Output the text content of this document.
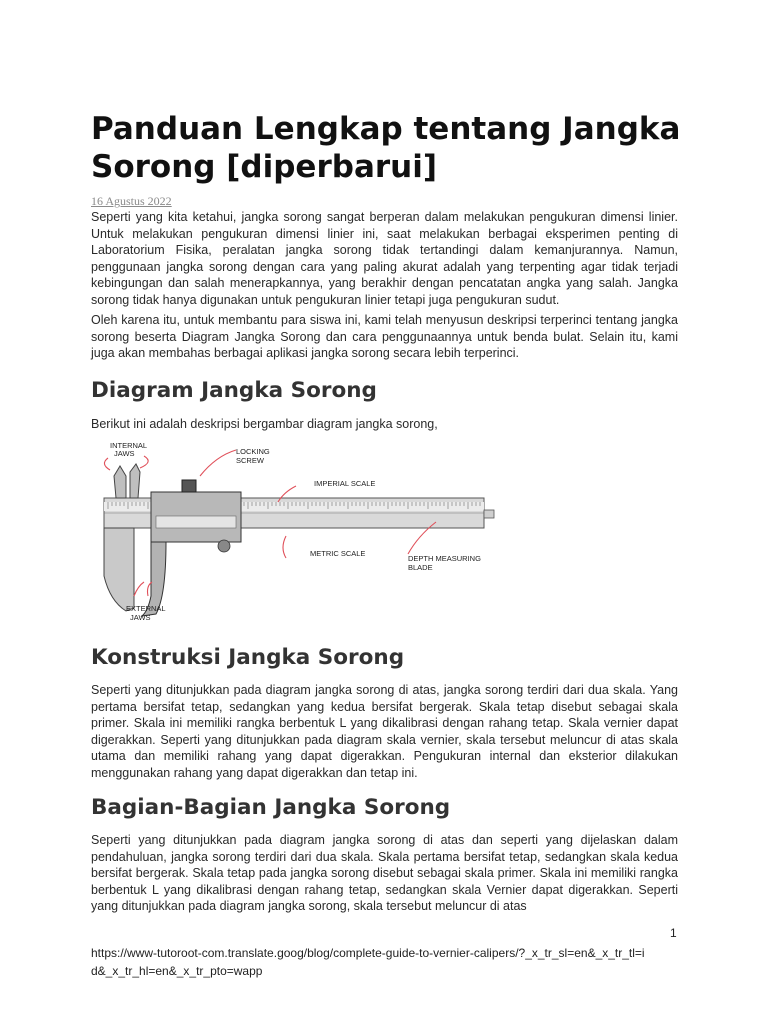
Panduan Lengkap tentang Jangka Sorong [diperbarui]

16 Agustus 2022

Seperti yang kita ketahui, jangka sorong sangat berperan dalam melakukan pengukuran dimensi linier. Untuk melakukan pengukuran dimensi linier ini, saat melakukan berbagai eksperimen penting di Laboratorium Fisika, peralatan jangka sorong tidak tertandingi dalam kemanjurannya. Namun, penggunaan jangka sorong dengan cara yang paling akurat adalah yang terpenting agar tidak terjadi kebingungan dan salah menerapkannya, yang berakhir dengan pencatatan angka yang salah. Jangka sorong tidak hanya digunakan untuk pengukuran linier tetapi juga pengukuran sudut.

Oleh karena itu, untuk membantu para siswa ini, kami telah menyusun deskripsi terperinci tentang jangka sorong beserta Diagram Jangka Sorong dan cara penggunaannya untuk benda bulat. Selain itu, kami juga akan membahas berbagai aplikasi jangka sorong secara lebih terperinci.

Diagram Jangka Sorong

Berikut ini adalah deskripsi bergambar diagram jangka sorong,

INTERNAL
JAWS	LOCKING
SCREW
IMPERIAL SCALE
METRIC SCALE
DEPTH MEASURING
BLADE
EXTERNAL
JAWS
Konstruksi Jangka Sorong

Seperti yang ditunjukkan pada diagram jangka sorong di atas, jangka sorong terdiri dari dua skala. Yang pertama bersifat tetap, sedangkan yang kedua bersifat bergerak. Skala tetap disebut sebagai skala primer. Skala ini memiliki rangka berbentuk L yang dikalibrasi dengan rahang tetap. Skala vernier dapat digerakkan. Seperti yang ditunjukkan pada diagram skala vernier, skala tersebut meluncur di atas skala utama dan memiliki rahang yang dapat digerakkan. Pengukuran internal dan eksterior dilakukan menggunakan rahang yang dapat digerakkan dan tetap ini.

Bagian-Bagian Jangka Sorong

Seperti yang ditunjukkan pada diagram jangka sorong di atas dan seperti yang dijelaskan dalam pendahuluan, jangka sorong terdiri dari dua skala. Skala pertama bersifat tetap, sedangkan skala kedua bersifat bergerak. Skala tetap pada jangka sorong disebut sebagai skala primer. Skala ini memiliki rangka berbentuk L yang dikalibrasi dengan rahang tetap, sedangkan skala Vernier dapat digerakkan. Seperti yang ditunjukkan pada diagram jangka sorong, skala tersebut meluncur di atas

1

https://www-tutoroot-com.translate.goog/blog/complete-guide-to-vernier-calipers/?_x_tr_sl=en&_x_tr_tl=id&_x_tr_hl=en&_x_tr_pto=wapp
